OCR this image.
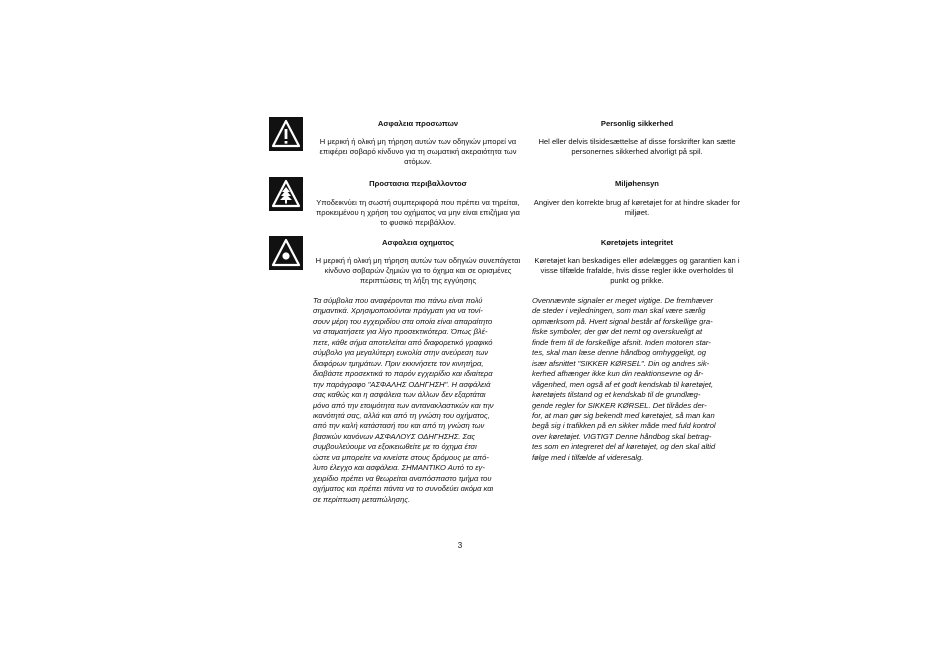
Ασφαλεια προσωπων

Η μερική ή ολική μη τήρηση αυτών των οδηγιών μπορεί να επιφέρει σοβαρό κίνδυνο για τη σωματική ακεραιότητα των ατόμων.

Personlig sikkerhed

Hel eller delvis tilsidesættelse af disse forskrifter kan sætte personernes sikkerhed alvorligt på spil.

Προστασια περιβαλλοντοσ

Υποδεικνύει τη σωστή συμπεριφορά που πρέπει να τηρείται, προκειμένου η χρήση του οχήματος να μην είναι επιζήμια για το φυσικό περιβάλλον.

Miljøhensyn

Angiver den korrekte brug af køretøjet for at hindre skader for miljøet.

Ασφαλεια οχηματος

Η μερική ή ολική μη τήρηση αυτών των οδηγιών συνεπάγεται κίνδυνο σοβαρών ζημιών για το όχημα και σε ορισμένες περιπτώσεις τη λήξη της εγγύησης

Køretøjets integritet

Køretøjet kan beskadiges eller ødelægges og garantien kan i visse tilfælde frafalde, hvis disse regler ikke overholdes til punkt og prikke.

Τα σύμβολα που αναφέρονται πιο πάνω είναι πολύ
σημαντικά. Χρησιμοποιούνται πράγματι για να τονί-
σουν μέρη του εγχειριδίου στα οποία είναι απαραίτητο
να σταματήσετε για λίγο προσεκτικότερα. Όπως βλέ-
πετε, κάθε σήμα αποτελείται από διαφορετικό γραφικό
σύμβολο για μεγαλύτερη ευκολία στην ανεύρεση των
διαφόρων τμημάτων. Πριν εκκινήσετε τον κινητήρα,
διαβάστε προσεκτικά το παρόν εγχειρίδιο και ιδιαίτερα
την παράγραφο "ΑΣΦΑΛΗΣ ΟΔΗΓΗΣΗ". Η ασφάλειά
σας καθώς και η ασφάλεια των άλλων δεν εξαρτάται
μόνο από την ετοιμότητα των αντανακλαστικών και την
ικανότητά σας, αλλά και από τη γνώση του οχήματος,
από την καλή κατάστασή του και από τη γνώση των
βασικών κανόνων ΑΣΦΑΛΟΥΣ ΟΔΗΓΗΣΗΣ. Σας
συμβουλεύουμε να εξοικειωθείτε με το όχημα έτσι
ώστε να μπορείτε να κινείστε στους δρόμους με από-
λυτο έλεγχο και ασφάλεια. ΣΗΜΑΝΤΙΚΟ Αυτό το εγ-
χειρίδιο πρέπει να θεωρείται αναπόσπαστο τμήμα του
οχήματος και πρέπει πάντα να το συνοδεύει ακόμα και
σε περίπτωση μεταπώλησης.
Ovennævnte signaler er meget vigtige. De fremhæver
de steder i vejledningen, som man skal være særlig
opmærksom på. Hvert signal består af forskellige gra-
fiske symboler, der gør det nemt og overskueligt at
finde frem til de forskellige afsnit. Inden motoren star-
tes, skal man læse denne håndbog omhyggeligt, og
især afsnittet "SIKKER KØRSEL". Din og andres sik-
kerhed afhænger ikke kun din reaktionsevne og år-
vågenhed, men også af et godt kendskab til køretøjet,
køretøjets tilstand og et kendskab til de grundlæg-
gende regler for SIKKER KØRSEL. Det tilrådes der-
for, at man gør sig bekendt med køretøjet, så man kan
begå sig i trafikken på en sikker måde med fuld kontrol
over køretøjet. VIGTIGT Denne håndbog skal betrag-
tes som en integreret del af køretøjet, og den skal altid
følge med i tilfælde af videresalg.
3
